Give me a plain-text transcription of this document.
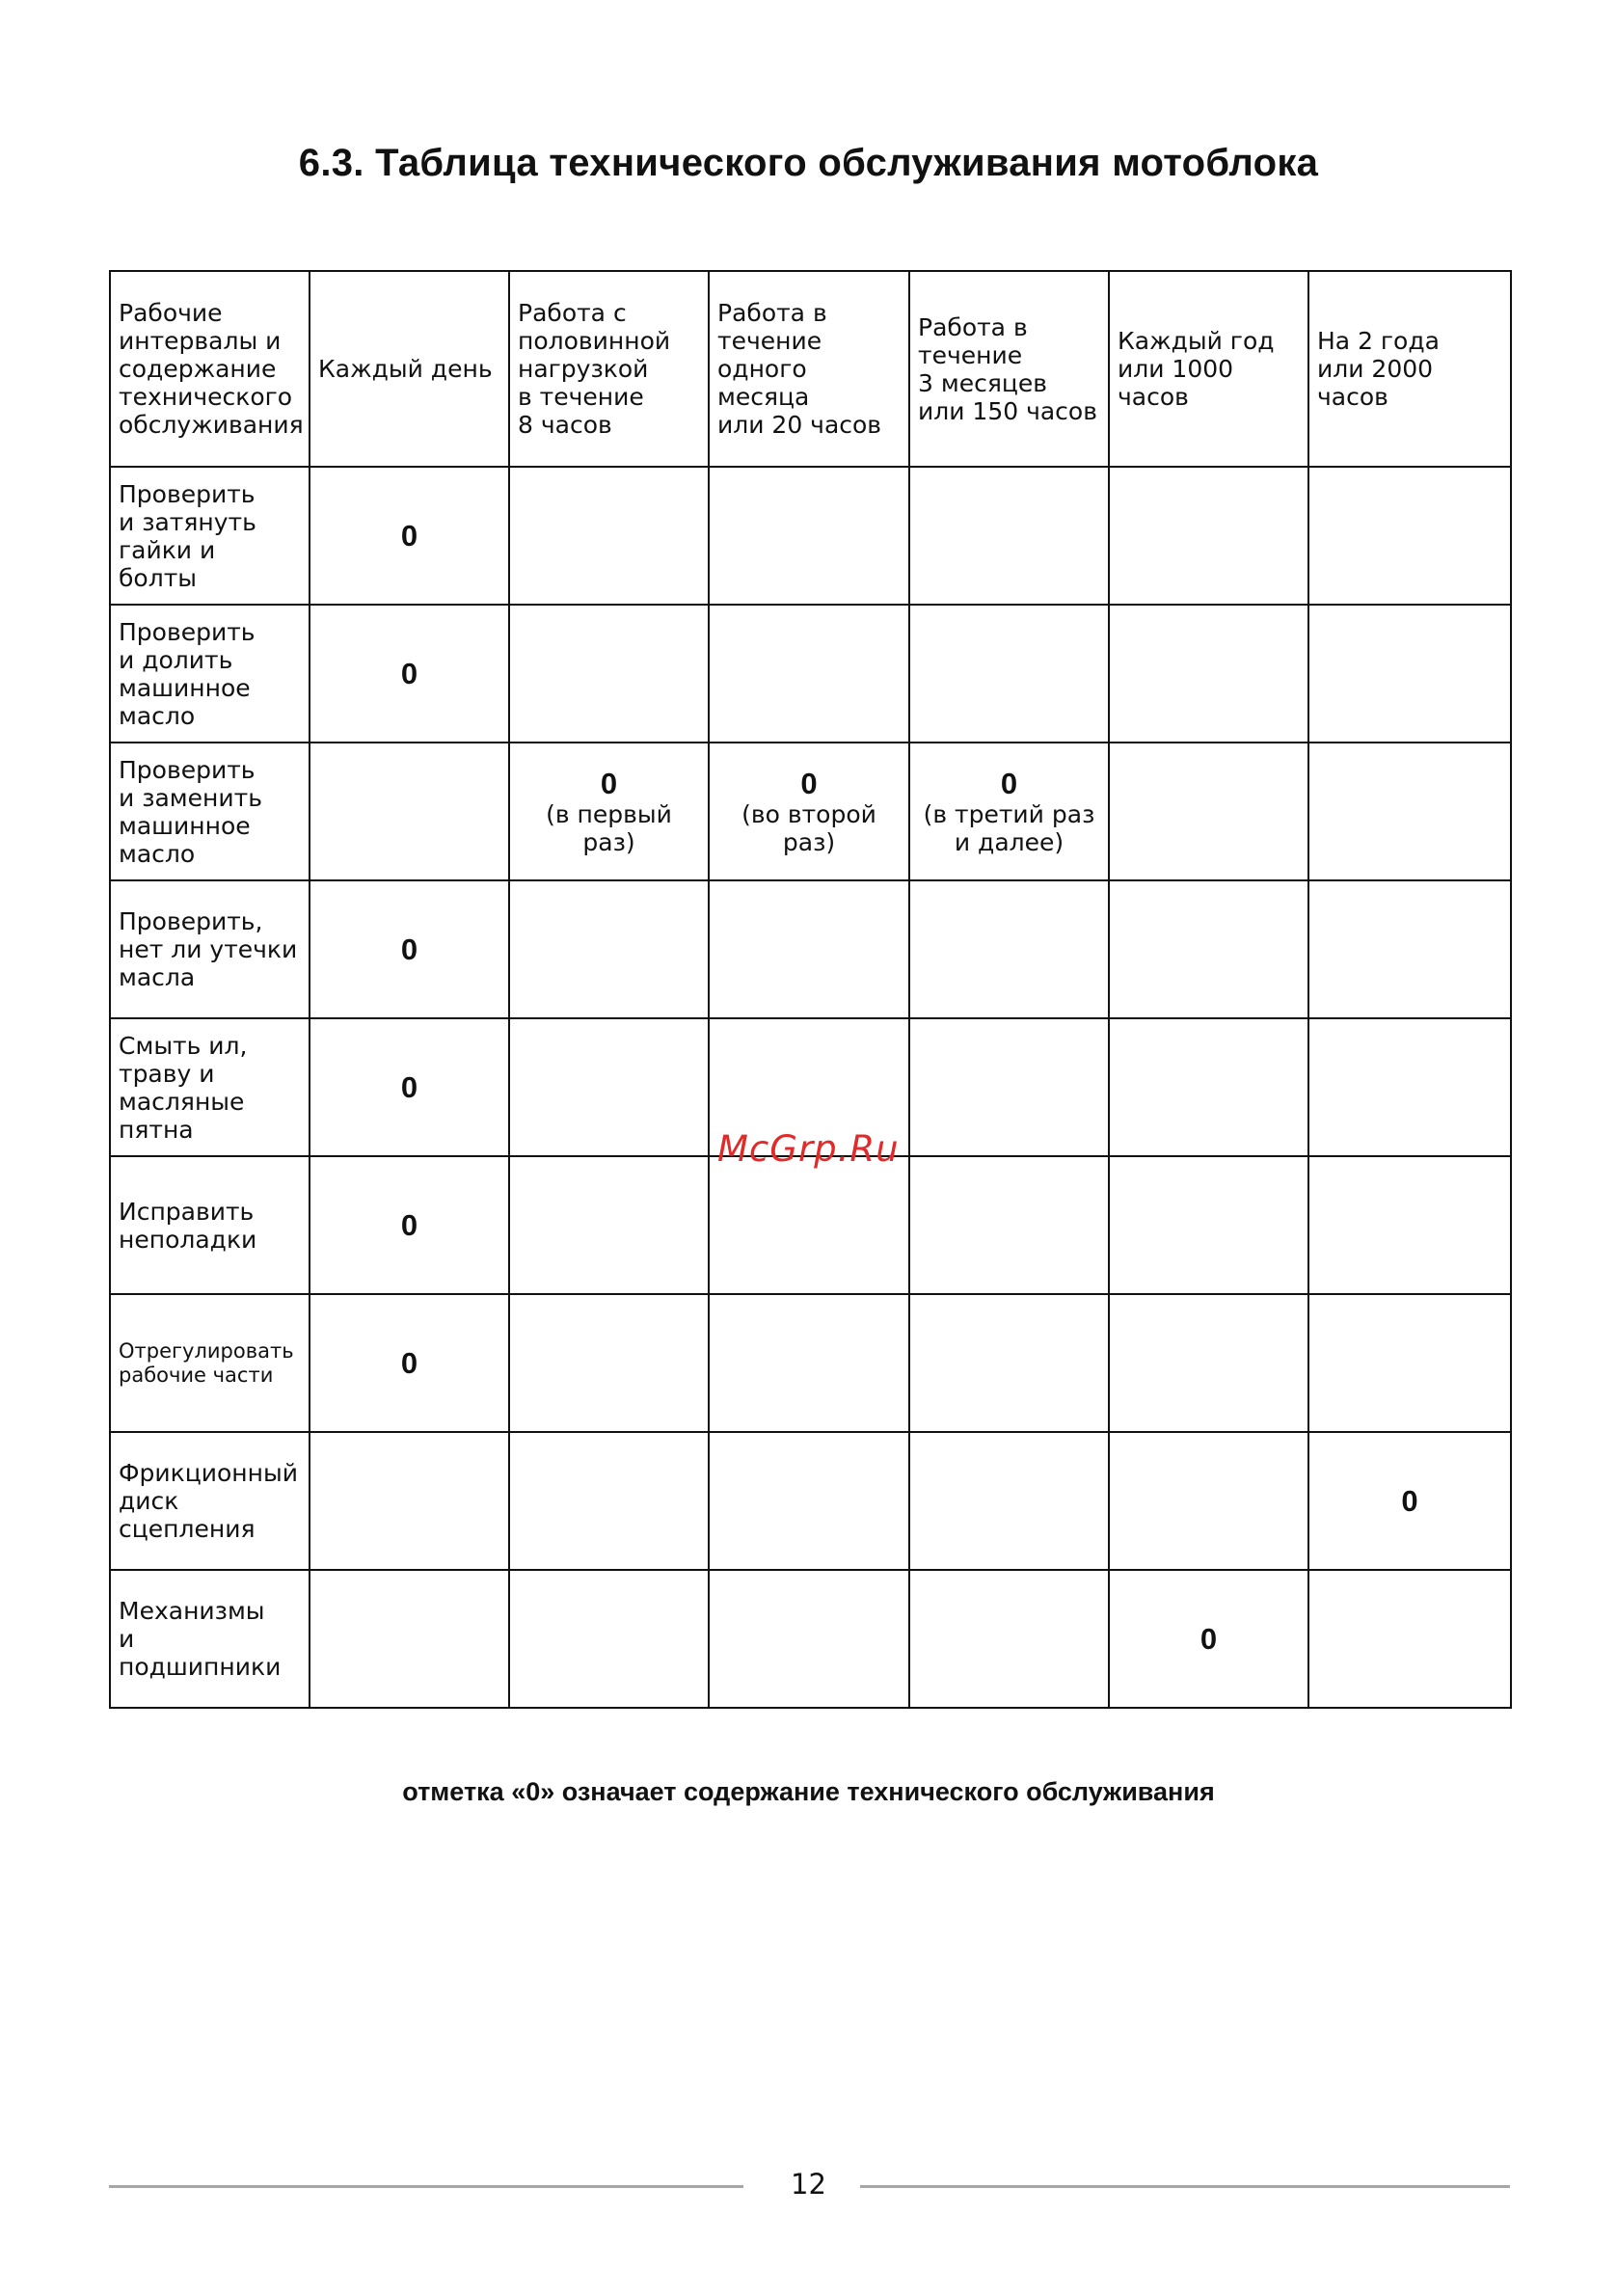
6.3. Таблица технического обслуживания мотоблока
Рабочие
интервалы и
содержание
технического
обслуживания	Каждый день	Работа с
половинной
нагрузкой
в течение
8 часов	Работа в
течение
одного месяца
или 20 часов	Работа в
течение
3 месяцев
или 150 часов	Каждый год
или 1000
часов	На 2 года
или 2000
часов
Проверить
и затянуть
гайки и болты	0					

Проверить
и долить
машинное
масло	0					

Проверить
и заменить
машинное
масло		0
(в первый раз)	0
(во второй раз)	0
(в третий раз
и далее)		

Проверить,
нет ли утечки
масла	0					

Смыть ил,
траву и
масляные
пятна	0					

Исправить
неполадки	0					

Отрегулировать
рабочие части	0					

Фрикционный
диск
сцепления						0

Механизмы
и подшипники					0	

отметка «0» означает содержание технического обслуживания
12
McGrp.Ru
